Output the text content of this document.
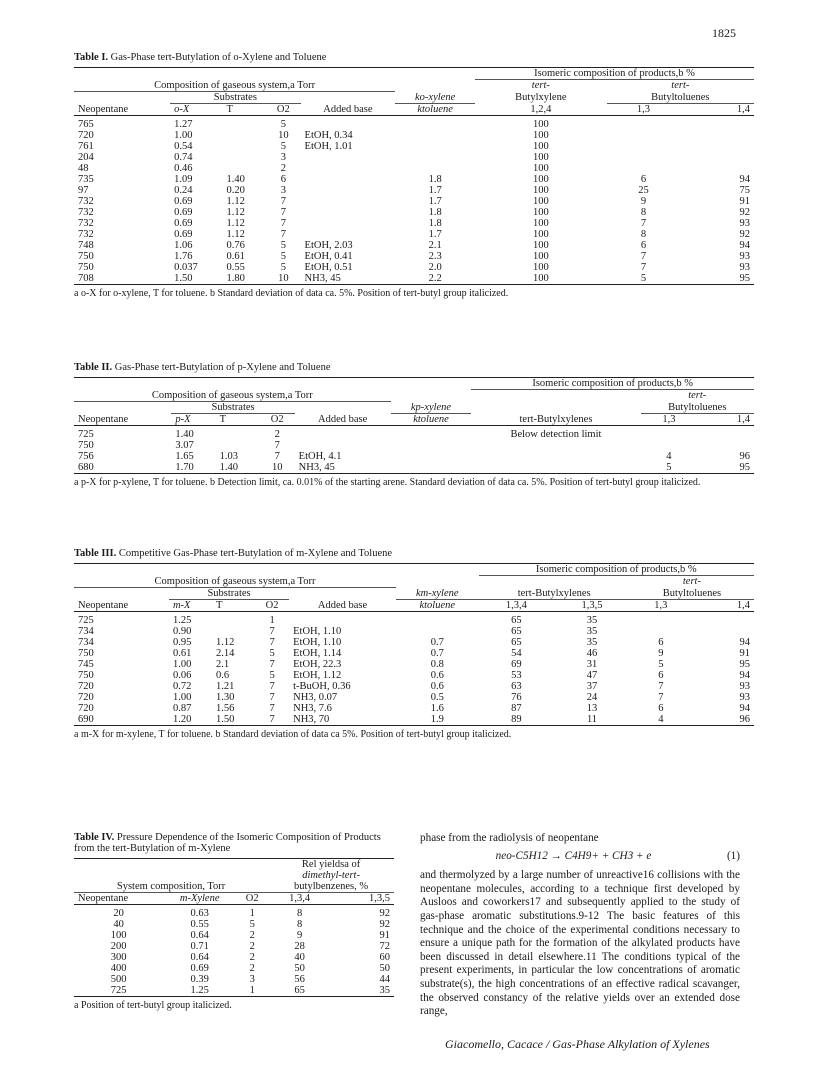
1825
Table I. Gas-Phase tert-Butylation of o-Xylene and Toluene
						Isomeric composition of products,b %		
Composition of gaseous system,a Torr						tert-	tert-	
	Substrates				ko-xylene	Butylxylene	Butyltoluenes	
Neopentane	o-X	T	O2	Added base	ktoluene	1,2,4	1,3	1,4
765	1.27		5			100		
720	1.00		10	EtOH, 0.34		100		
761	0.54		5	EtOH, 1.01		100		
204	0.74		3			100		
48	0.46		2			100		
735	1.09	1.40	6		1.8	100	6	94
97	0.24	0.20	3		1.7	100	25	75
732	0.69	1.12	7		1.7	100	9	91
732	0.69	1.12	7		1.8	100	8	92
732	0.69	1.12	7		1.8	100	7	93
732	0.69	1.12	7		1.7	100	8	92
748	1.06	0.76	5	EtOH, 2.03	2.1	100	6	94
750	1.76	0.61	5	EtOH, 0.41	2.3	100	7	93
750	0.037	0.55	5	EtOH, 0.51	2.0	100	7	93
708	1.50	1.80	10	NH3, 45	2.2	100	5	95
a o-X for o-xylene, T for toluene. b Standard deviation of data ca. 5%. Position of tert-butyl group italicized.
Table II. Gas-Phase tert-Butylation of p-Xylene and Toluene
						Isomeric composition of products,b %		
Composition of gaseous system,a Torr							tert-	
	Substrates				kp-xylene		Butyltoluenes	
Neopentane	p-X	T	O2	Added base	ktoluene	tert-Butylxylenes	1,3	1,4
725	1.40		2			Below detection limit		
750	3.07		7					
756	1.65	1.03	7	EtOH, 4.1			4	96
680	1.70	1.40	10	NH3, 45			5	95
a p-X for p-xylene, T for toluene. b Detection limit, ca. 0.01% of the starting arene. Standard deviation of data ca. 5%. Position of tert-butyl group italicized.
Table III. Competitive Gas-Phase tert-Butylation of m-Xylene and Toluene
						Isomeric composition of products,b %			
Composition of gaseous system,a Torr								tert-	
	Substrates				km-xylene	tert-Butylxylenes		Butyltoluenes	
Neopentane	m-X	T	O2	Added base	ktoluene	1,3,4	1,3,5	1,3	1,4
725	1.25		1			65	35		
734	0.90		7	EtOH, 1.10		65	35		
734	0.95	1.12	7	EtOH, 1.10	0.7	65	35	6	94
750	0.61	2.14	5	EtOH, 1.14	0.7	54	46	9	91
745	1.00	2.1	7	EtOH, 22.3	0.8	69	31	5	95
750	0.06	0.6	5	EtOH, 1.12	0.6	53	47	6	94
720	0.72	1.21	7	t-BuOH, 0.36	0.6	63	37	7	93
720	1.00	1.30	7	NH3, 0.07	0.5	76	24	7	93
720	0.87	1.56	7	NH3, 7.6	1.6	87	13	6	94
690	1.20	1.50	7	NH3, 70	1.9	89	11	4	96
a m-X for m-xylene, T for toluene. b Standard deviation of data ca 5%. Position of tert-butyl group italicized.
Table IV. Pressure Dependence of the Isomeric Composition of Products from the tert-Butylation of m-Xylene
			Rel yieldsa of	
			dimethyl-tert-	
System composition, Torr			butylbenzenes, %	
Neopentane	m-Xylene	O2	1,3,4	1,3,5
20	0.63	1	8	92
40	0.55	5	8	92
100	0.64	2	9	91
200	0.71	2	28	72
300	0.64	2	40	60
400	0.69	2	50	50
500	0.39	3	56	44
725	1.25	1	65	35
a Position of tert-butyl group italicized.
phase from the radiolysis of neopentane
neo-C5H12 → C4H9+ + CH3 + e	(1)
and thermolyzed by a large number of unreactive16 collisions with the neopentane molecules, according to a technique first developed by Ausloos and coworkers17 and subsequently applied to the study of gas-phase aromatic substitutions.9-12 The basic features of this technique and the choice of the experimental conditions necessary to ensure a unique path for the formation of the alkylated products have been discussed in detail elsewhere.11 The conditions typical of the present experiments, in particular the low concentrations of aromatic substrate(s), the high concentrations of an effective radical scavanger, the observed constancy of the relative yields over an extended dose range,
Giacomello, Cacace / Gas-Phase Alkylation of Xylenes
